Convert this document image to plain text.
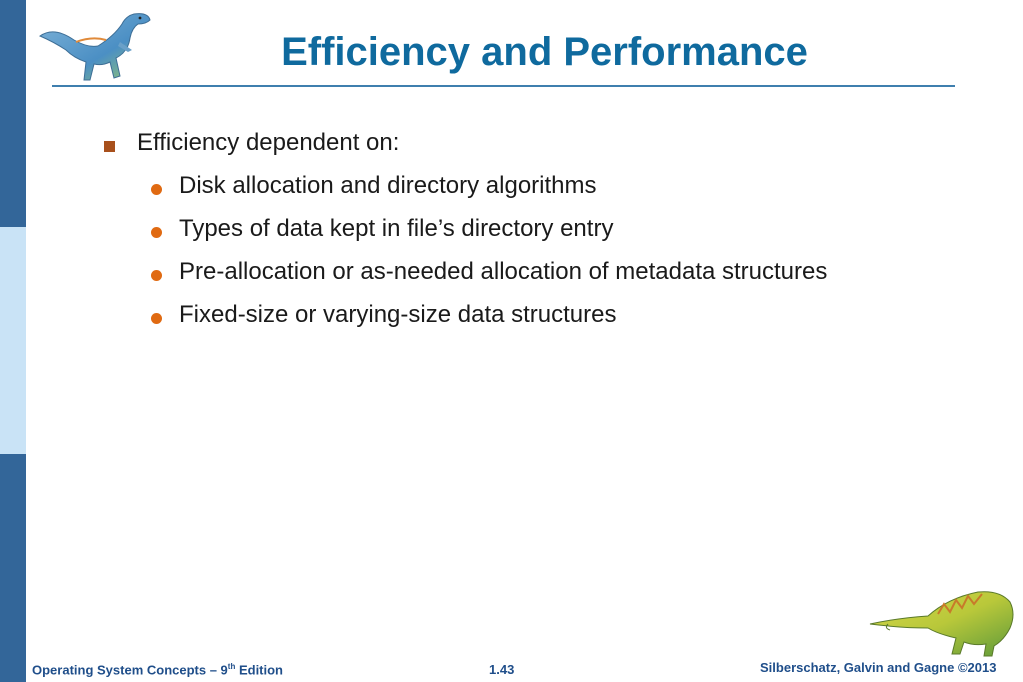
Efficiency and Performance
Efficiency dependent on:
Disk allocation and directory algorithms
Types of data kept in file’s directory entry
Pre-allocation or as-needed allocation of metadata structures
Fixed-size or varying-size data structures
Operating System Concepts – 9th Edition	1.43	Silberschatz, Galvin and Gagne ©2013
